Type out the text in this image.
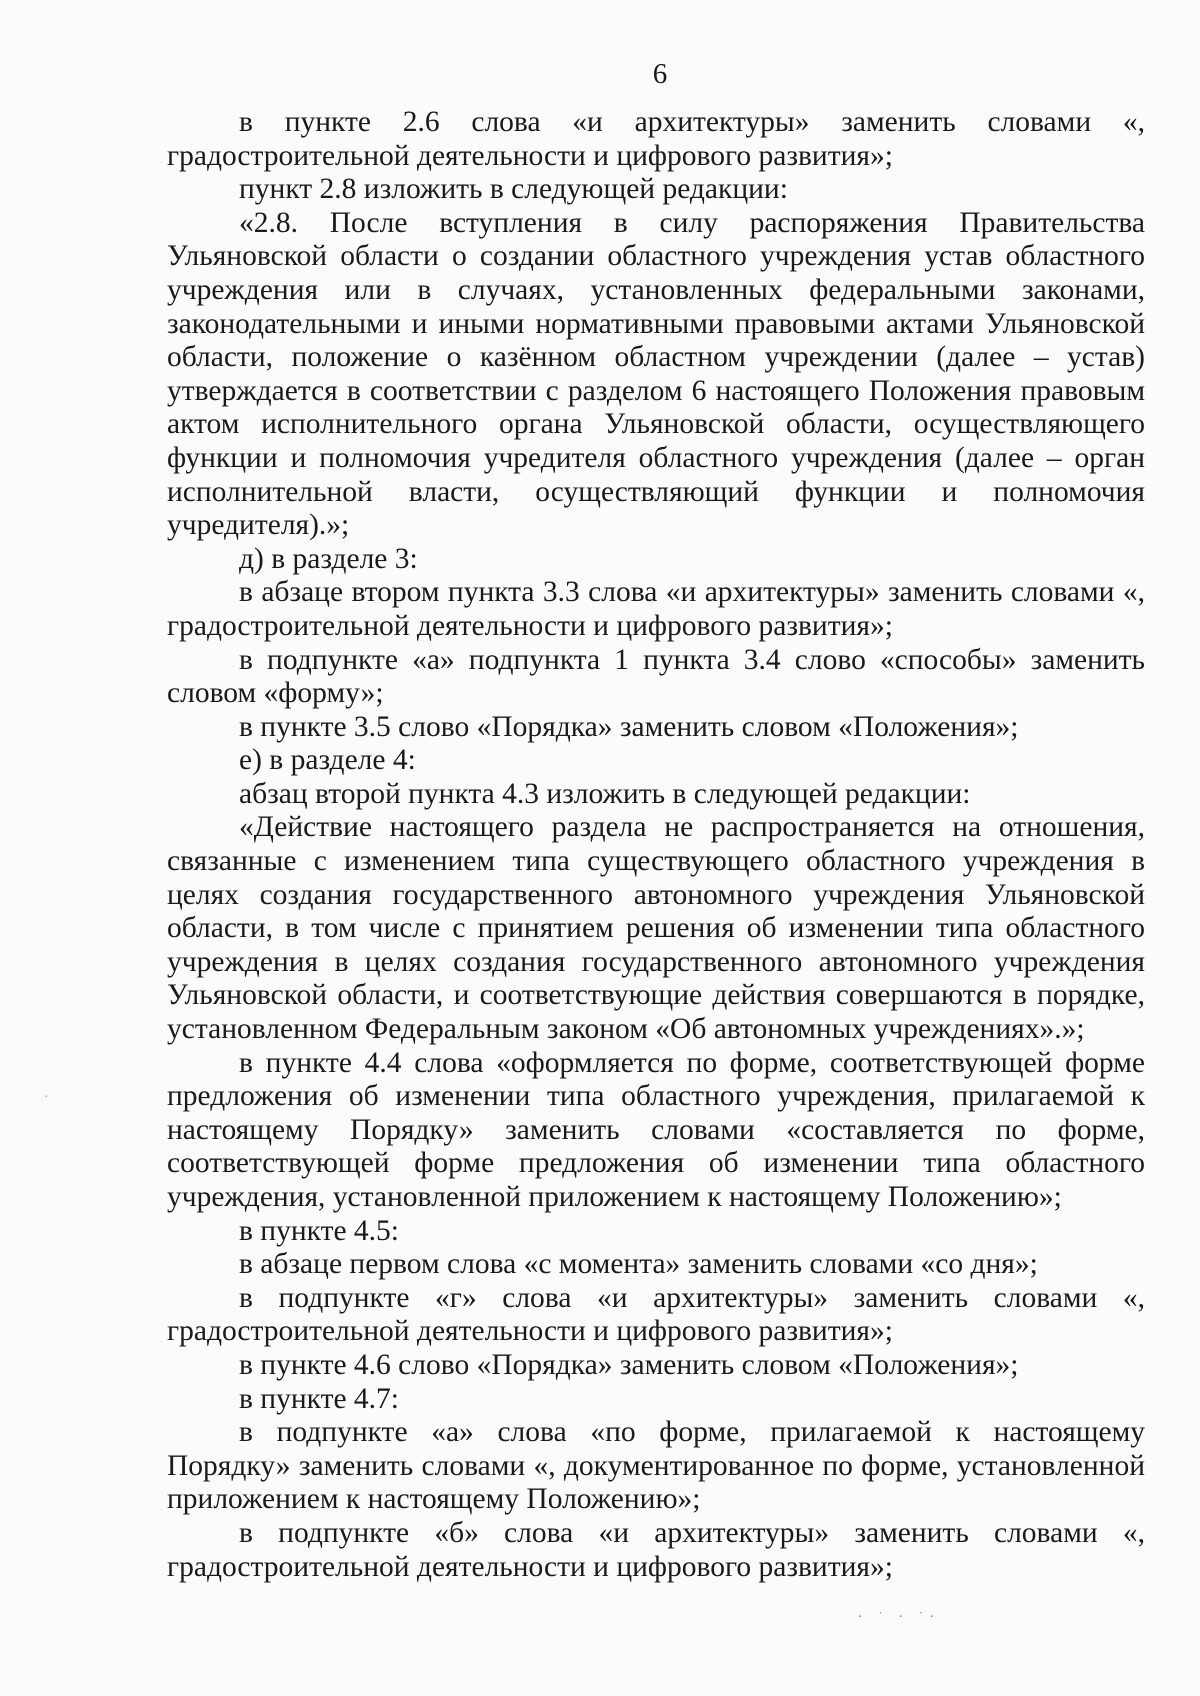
6

в пункте 2.6 слова «и архитектуры» заменить словами «, градостроительной деятельности и цифрового развития»;

пункт 2.8 изложить в следующей редакции:

«2.8. После вступления в силу распоряжения Правительства Ульяновской области о создании областного учреждения устав областного учреждения или в случаях, установленных федеральными законами, законодательными и иными нормативными правовыми актами Ульяновской области, положение о казённом областном учреждении (далее – устав) утверждается в соответствии с разделом 6 настоящего Положения правовым актом исполнительного органа Ульяновской области, осуществляющего функции и полномочия учредителя областного учреждения (далее – орган исполнительной власти, осуществляющий функции и полномочия учредителя).»;

д) в разделе 3:

в абзаце втором пункта 3.3 слова «и архитектуры» заменить словами «, градостроительной деятельности и цифрового развития»;

в подпункте «а» подпункта 1 пункта 3.4 слово «способы» заменить словом «форму»;

в пункте 3.5 слово «Порядка» заменить словом «Положения»;

е) в разделе 4:

абзац второй пункта 4.3 изложить в следующей редакции:

«Действие настоящего раздела не распространяется на отношения, связанные с изменением типа существующего областного учреждения в целях создания государственного автономного учреждения Ульяновской области, в том числе с принятием решения об изменении типа областного учреждения в целях создания государственного автономного учреждения Ульяновской области, и соответствующие действия совершаются в порядке, установленном Федеральным законом «Об автономных учреждениях».»;

в пункте 4.4 слова «оформляется по форме, соответствующей форме предложения об изменении типа областного учреждения, прилагаемой к настоящему Порядку» заменить словами «составляется по форме, соответствующей форме предложения об изменении типа областного учреждения, установленной приложением к настоящему Положению»;

в пункте 4.5:

в абзаце первом слова «с момента» заменить словами «со дня»;

в подпункте «г» слова «и архитектуры» заменить словами «, градостроительной деятельности и цифрового развития»;

в пункте 4.6 слово «Порядка» заменить словом «Положения»;

в пункте 4.7:

в подпункте «а» слова «по форме, прилагаемой к настоящему Порядку» заменить словами «, документированное по форме, установленной приложением к настоящему Положению»;

в подпункте «б» слова «и архитектуры» заменить словами «, градостроительной деятельности и цифрового развития»;

·
⋅ ˙ ⋅ ˙⋅
